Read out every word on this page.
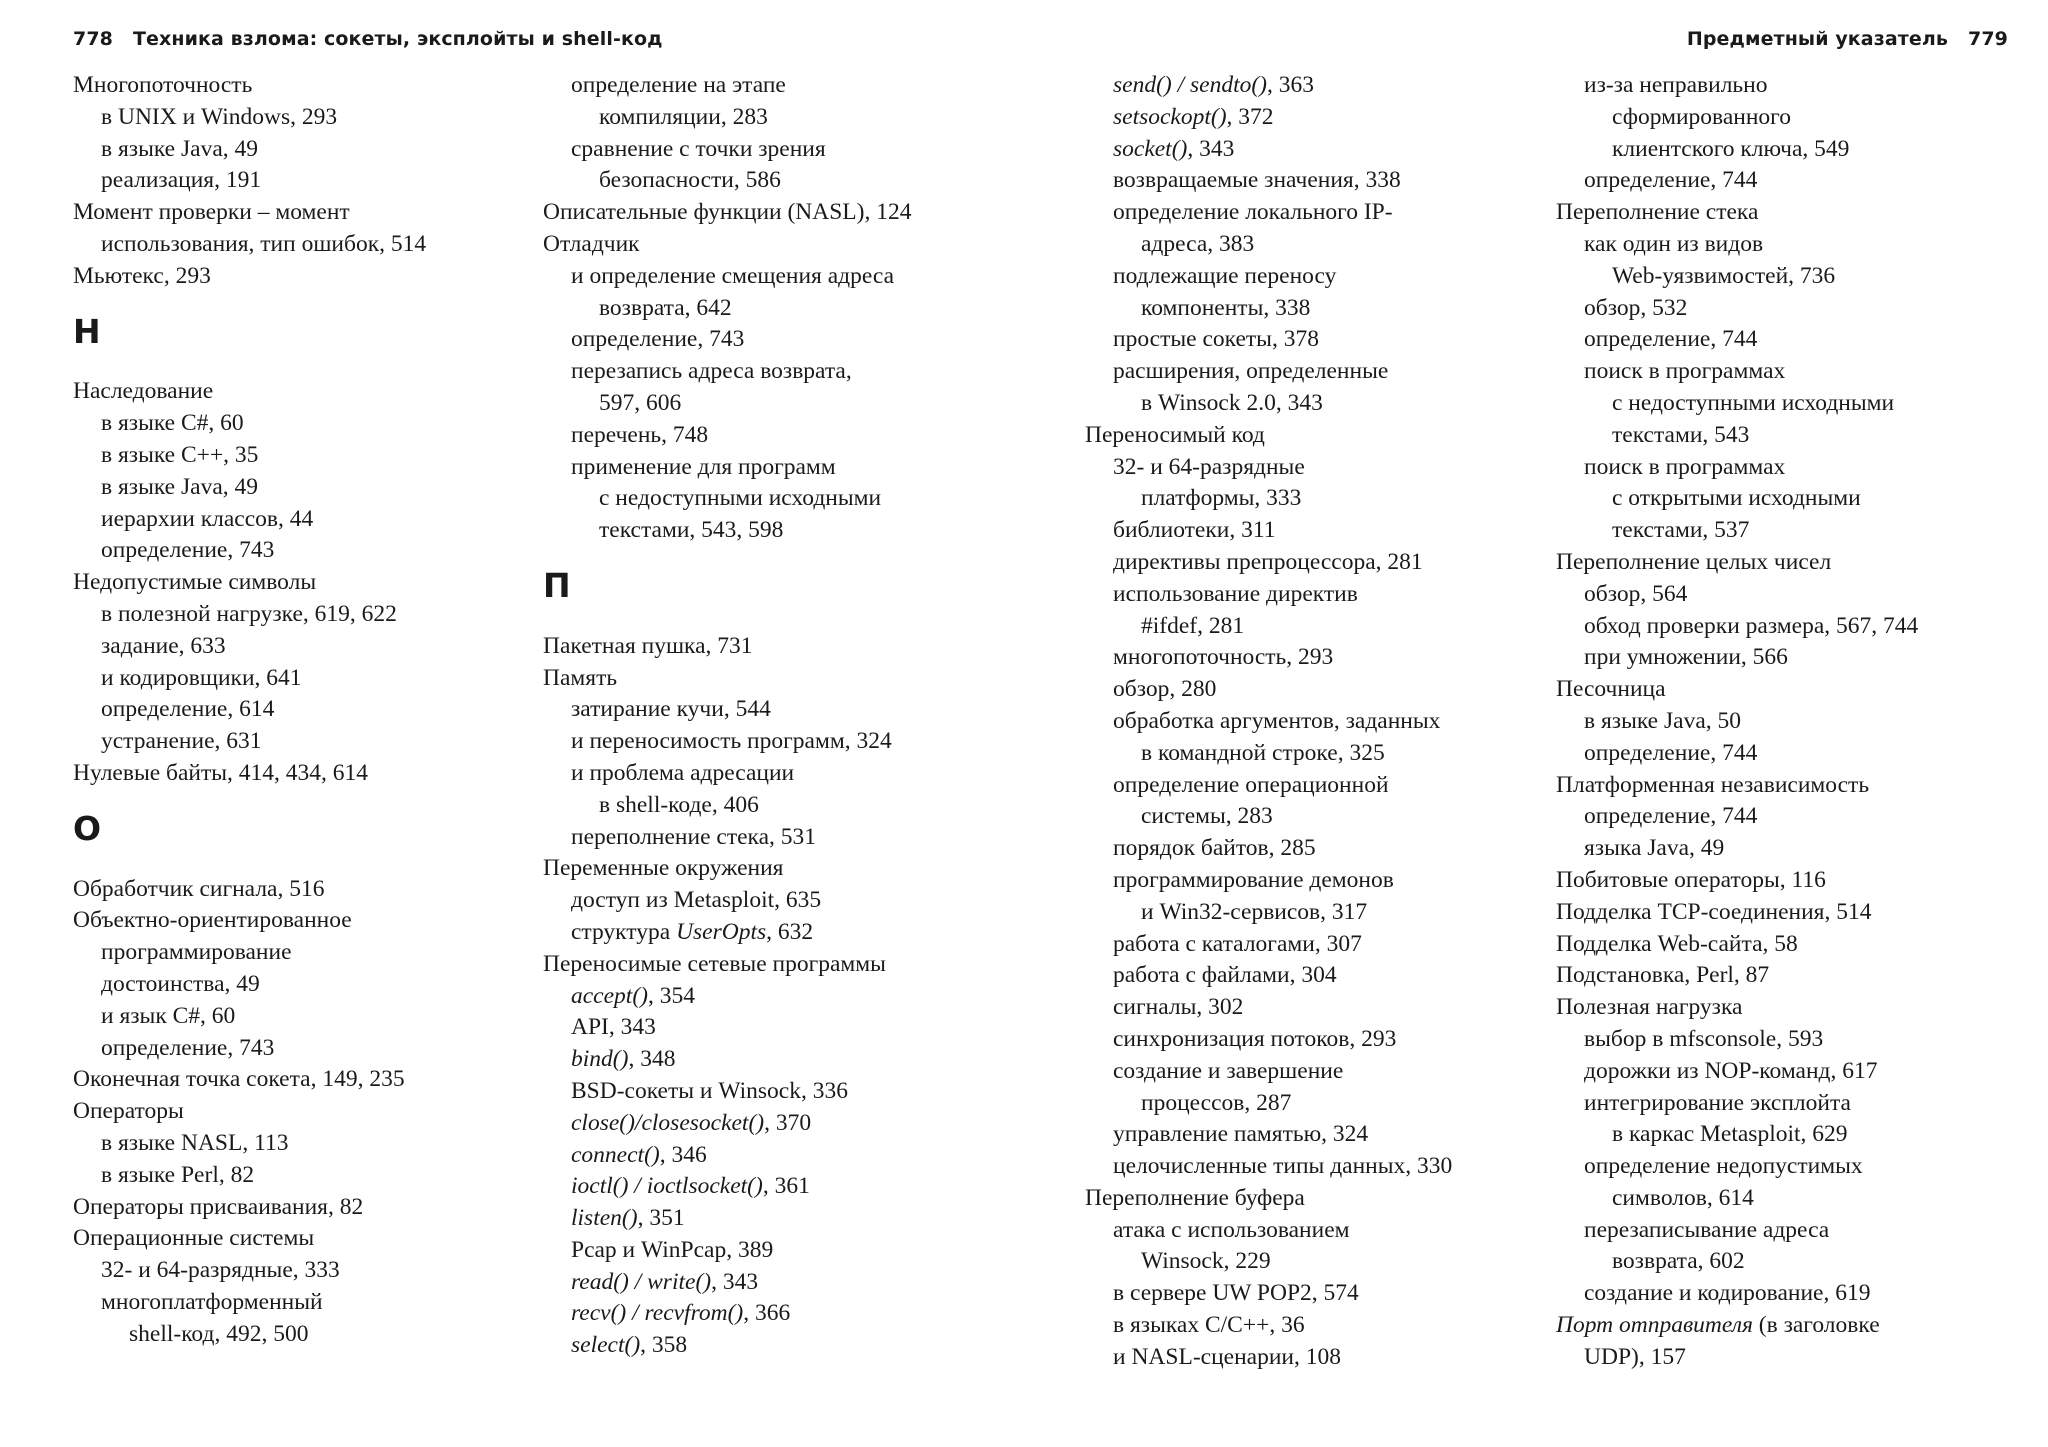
778 Техника взлома: сокеты, эксплойты и shell-код	Предметный указатель 779
Многопоточность
в UNIX и Windows, 293
в языке Java, 49
реализация, 191
Момент проверки – момент
использования, тип ошибок, 514
Мьютекс, 293
Н
Наследование
в языке C#, 60
в языке C++, 35
в языке Java, 49
иерархии классов, 44
определение, 743
Недопустимые символы
в полезной нагрузке, 619, 622
задание, 633
и кодировщики, 641
определение, 614
устранение, 631
Нулевые байты, 414, 434, 614
О
Обработчик сигнала, 516
Объектно-ориентированное
программирование
достоинства, 49
и язык C#, 60
определение, 743
Оконечная точка сокета, 149, 235
Операторы
в языке NASL, 113
в языке Perl, 82
Операторы присваивания, 82
Операционные системы
32- и 64-разрядные, 333
многоплатформенный
shell-код, 492, 500
определение на этапе
компиляции, 283
сравнение с точки зрения
безопасности, 586
Описательные функции (NASL), 124
Отладчик
и определение смещения адреса
возврата, 642
определение, 743
перезапись адреса возврата,
597, 606
перечень, 748
применение для программ
с недоступными исходными
текстами, 543, 598
П
Пакетная пушка, 731
Память
затирание кучи, 544
и переносимость программ, 324
и проблема адресации
в shell-коде, 406
переполнение стека, 531
Переменные окружения
доступ из Metasploit, 635
структура UserOpts, 632
Переносимые сетевые программы
accept(), 354
API, 343
bind(), 348
BSD-сокеты и Winsock, 336
close()/closesocket(), 370
connect(), 346
ioctl() / ioctlsocket(), 361
listen(), 351
Pcap и WinPcap, 389
read() / write(), 343
recv() / recvfrom(), 366
select(), 358
send() / sendto(), 363
setsockopt(), 372
socket(), 343
возвращаемые значения, 338
определение локального IP-
адреса, 383
подлежащие переносу
компоненты, 338
простые сокеты, 378
расширения, определенные
в Winsock 2.0, 343
Переносимый код
32- и 64-разрядные
платформы, 333
библиотеки, 311
директивы препроцессора, 281
использование директив
#ifdef, 281
многопоточность, 293
обзор, 280
обработка аргументов, заданных
в командной строке, 325
определение операционной
системы, 283
порядок байтов, 285
программирование демонов
и Win32-сервисов, 317
работа с каталогами, 307
работа с файлами, 304
сигналы, 302
синхронизация потоков, 293
создание и завершение
процессов, 287
управление памятью, 324
целочисленные типы данных, 330
Переполнение буфера
атака с использованием
Winsock, 229
в сервере UW POP2, 574
в языках C/C++, 36
и NASL-сценарии, 108
из-за неправильно
сформированного
клиентского ключа, 549
определение, 744
Переполнение стека
как один из видов
Web-уязвимостей, 736
обзор, 532
определение, 744
поиск в программах
с недоступными исходными
текстами, 543
поиск в программах
с открытыми исходными
текстами, 537
Переполнение целых чисел
обзор, 564
обход проверки размера, 567, 744
при умножении, 566
Песочница
в языке Java, 50
определение, 744
Платформенная независимость
определение, 744
языка Java, 49
Побитовые операторы, 116
Подделка TCP-соединения, 514
Подделка Web-сайта, 58
Подстановка, Perl, 87
Полезная нагрузка
выбор в mfsconsole, 593
дорожки из NOP-команд, 617
интегрирование эксплойта
в каркас Metasploit, 629
определение недопустимых
символов, 614
перезаписывание адреса
возврата, 602
создание и кодирование, 619
Порт отправителя (в заголовке
UDP), 157
